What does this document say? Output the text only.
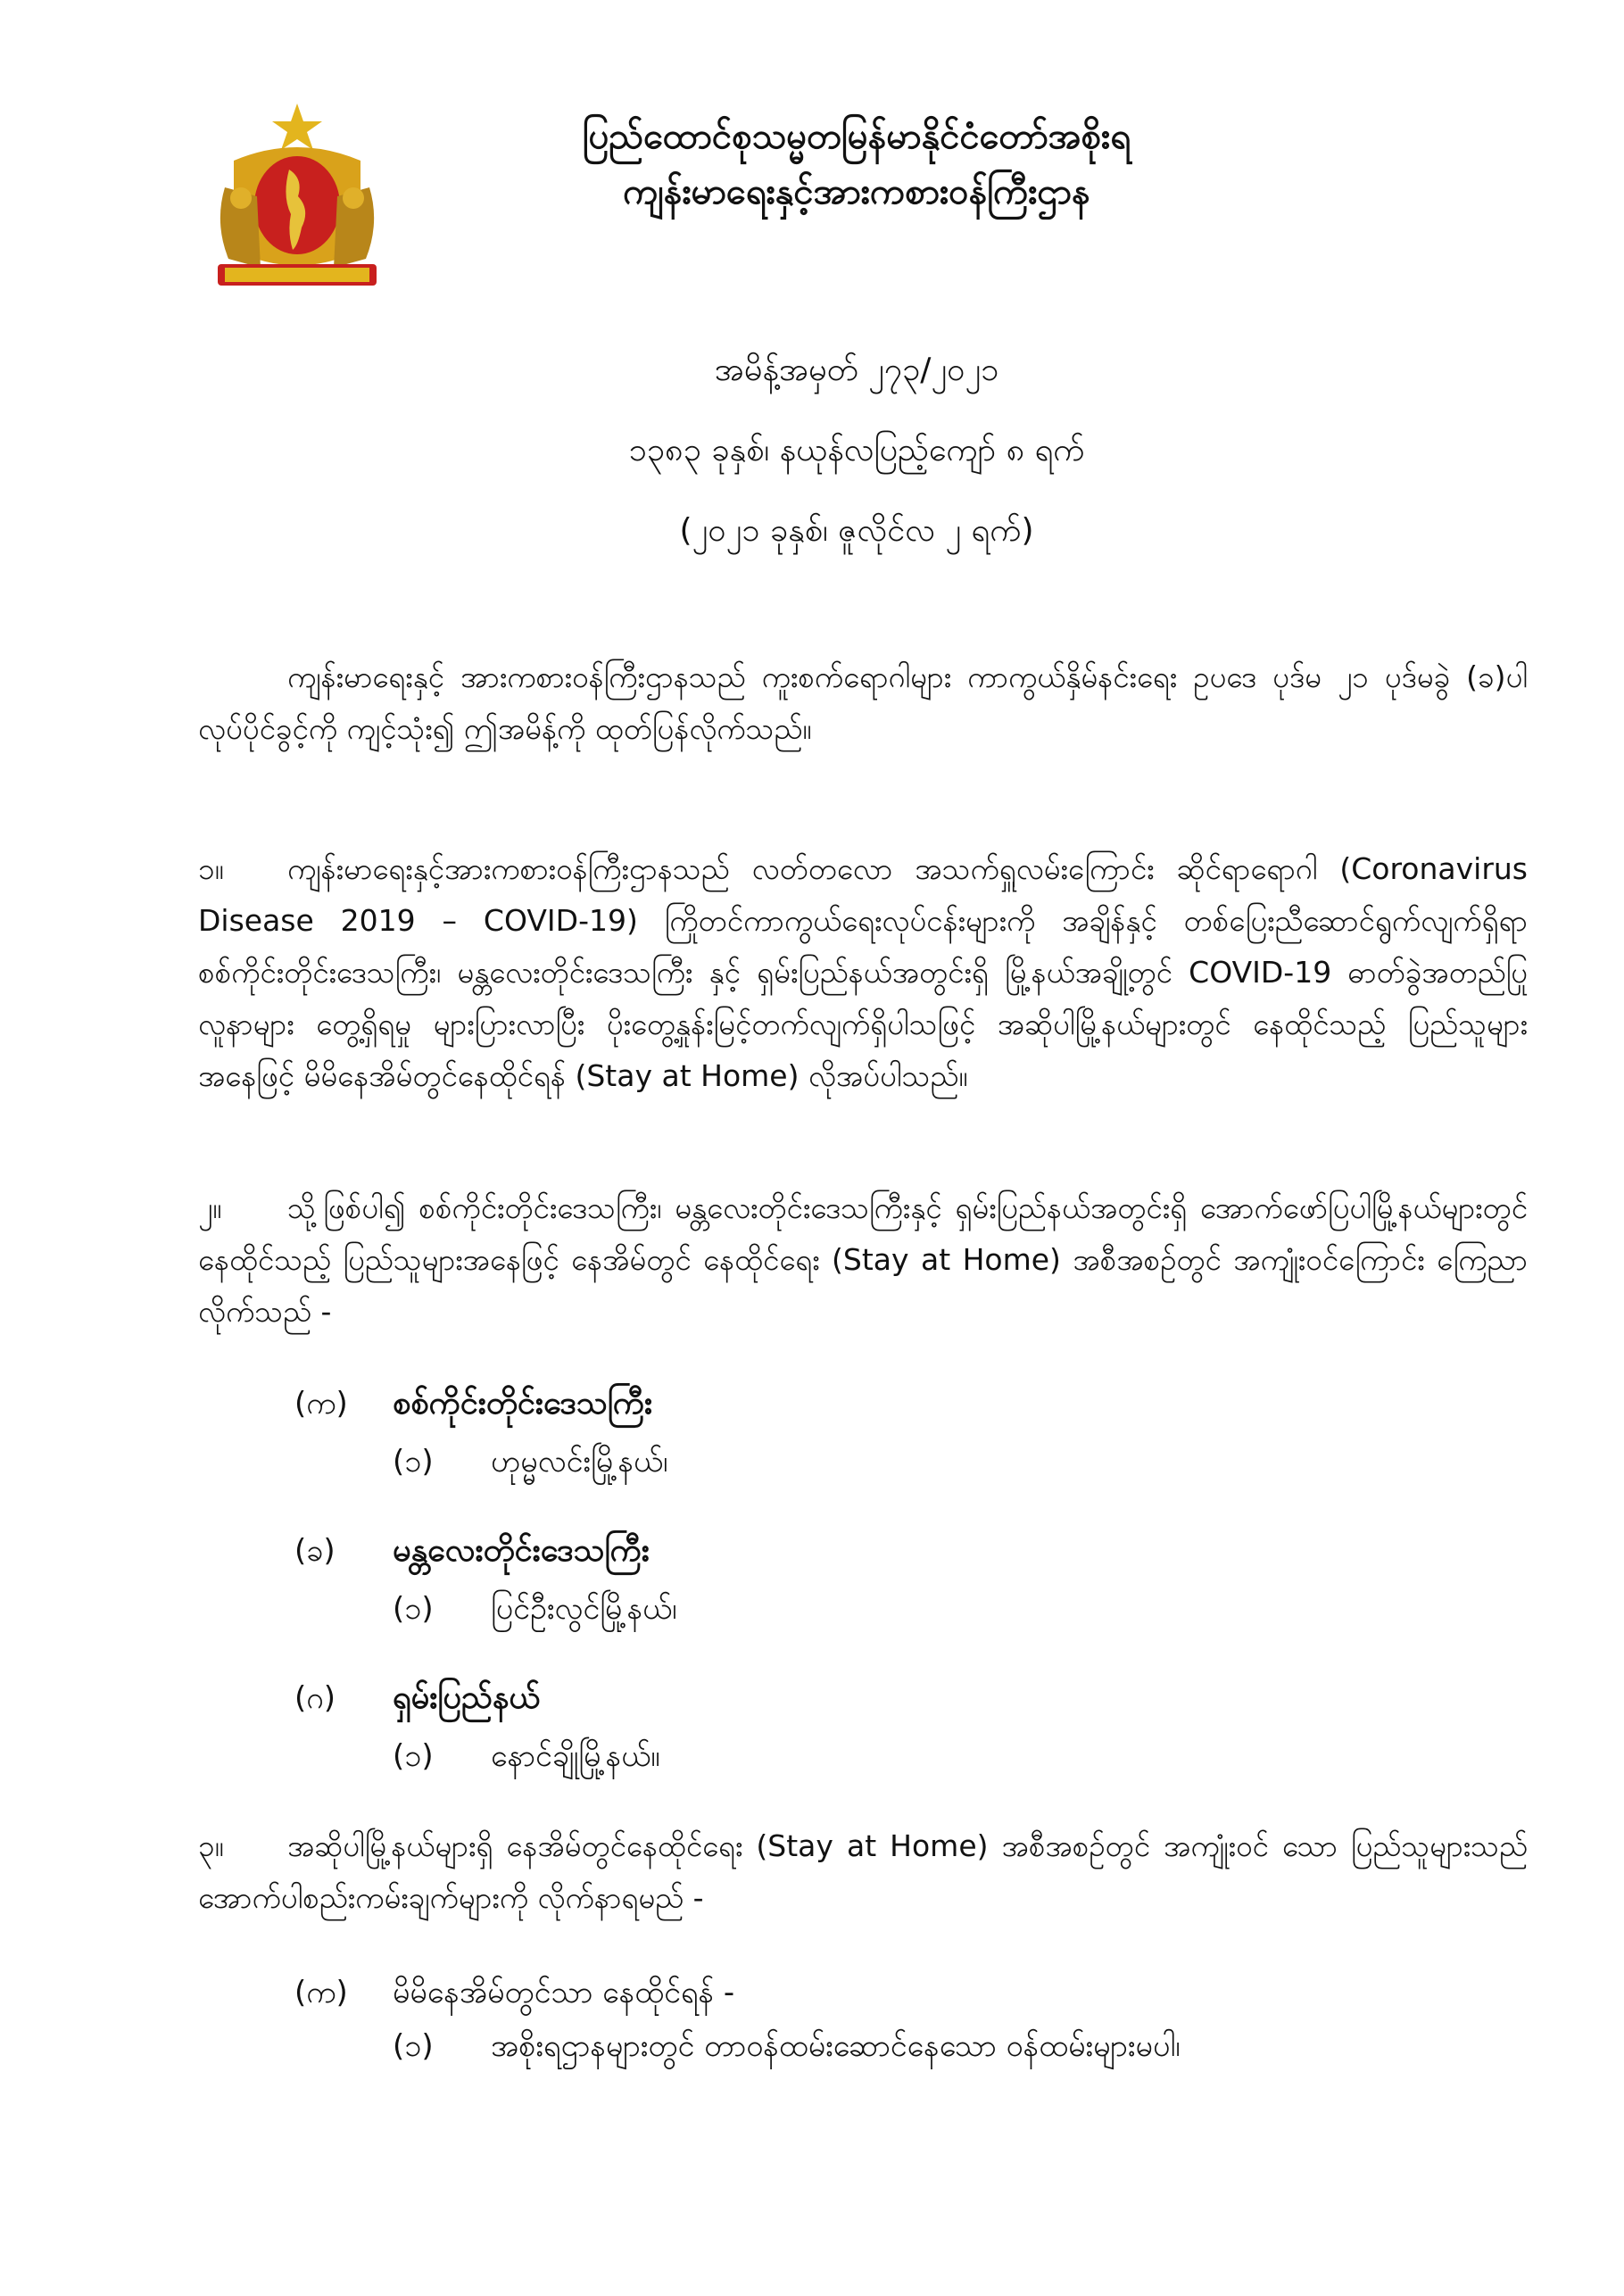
ပြည်ထောင်စုသမ္မတမြန်မာနိုင်ငံတော်အစိုးရ
ကျန်းမာရေးနှင့်အားကစားဝန်ကြီးဌာန
အမိန့်အမှတ် ၂၇၃/၂၀၂၁
၁၃၈၃ ခုနှစ်၊ နယုန်လပြည့်ကျော် ၈ ရက်
(၂၀၂၁ ခုနှစ်၊ ဇူလိုင်လ ၂ ရက်)
ကျန်းမာရေးနှင့် အားကစားဝန်ကြီးဌာနသည် ကူးစက်ရောဂါများ ကာကွယ်နှိမ်နင်းရေး ဥပဒေ ပုဒ်မ ၂၁ ပုဒ်မခွဲ (ခ)ပါ လုပ်ပိုင်ခွင့်ကို ကျင့်သုံး၍ ဤအမိန့်ကို ထုတ်ပြန်လိုက်သည်။
၁။ ကျန်းမာရေးနှင့်အားကစားဝန်ကြီးဌာနသည် လတ်တလော အသက်ရှူလမ်းကြောင်း ဆိုင်ရာရောဂါ (Coronavirus Disease 2019 – COVID-19) ကြိုတင်ကာကွယ်ရေးလုပ်ငန်းများကို အချိန်နှင့် တစ်ပြေးညီဆောင်ရွက်လျက်ရှိရာ စစ်ကိုင်းတိုင်းဒေသကြီး၊ မန္တလေးတိုင်းဒေသကြီး နှင့် ရှမ်းပြည်နယ်အတွင်းရှိ မြို့နယ်အချို့တွင် COVID-19 ဓာတ်ခွဲအတည်ပြုလူနာများ တွေ့ရှိရမှု များပြားလာပြီး ပိုးတွေ့နှုန်းမြင့်တက်လျက်ရှိပါသဖြင့် အဆိုပါမြို့နယ်များတွင် နေထိုင်သည့် ပြည်သူများအနေဖြင့် မိမိနေအိမ်တွင်နေထိုင်ရန် (Stay at Home) လိုအပ်ပါသည်။
၂။ သို့ဖြစ်ပါ၍ စစ်ကိုင်းတိုင်းဒေသကြီး၊ မန္တလေးတိုင်းဒေသကြီးနှင့် ရှမ်းပြည်နယ်အတွင်းရှိ အောက်ဖော်ပြပါမြို့နယ်များတွင် နေထိုင်သည့် ပြည်သူများအနေဖြင့် နေအိမ်တွင် နေထိုင်ရေး (Stay at Home) အစီအစဉ်တွင် အကျုံးဝင်ကြောင်း ကြေညာလိုက်သည် -
(က) စစ်ကိုင်းတိုင်းဒေသကြီး
(၁) ဟုမ္မလင်းမြို့နယ်၊
(ခ) မန္တလေးတိုင်းဒေသကြီး
(၁) ပြင်ဦးလွင်မြို့နယ်၊
(ဂ) ရှမ်းပြည်နယ်
(၁) နောင်ချိုမြို့နယ်။
၃။ အဆိုပါမြို့နယ်များရှိ နေအိမ်တွင်နေထိုင်ရေး (Stay at Home) အစီအစဉ်တွင် အကျုံးဝင် သော ပြည်သူများသည် အောက်ပါစည်းကမ်းချက်များကို လိုက်နာရမည် -
(က) မိမိနေအိမ်တွင်သာ နေထိုင်ရန် -
(၁) အစိုးရဌာနများတွင် တာဝန်ထမ်းဆောင်နေသော ဝန်ထမ်းများမပါ၊
